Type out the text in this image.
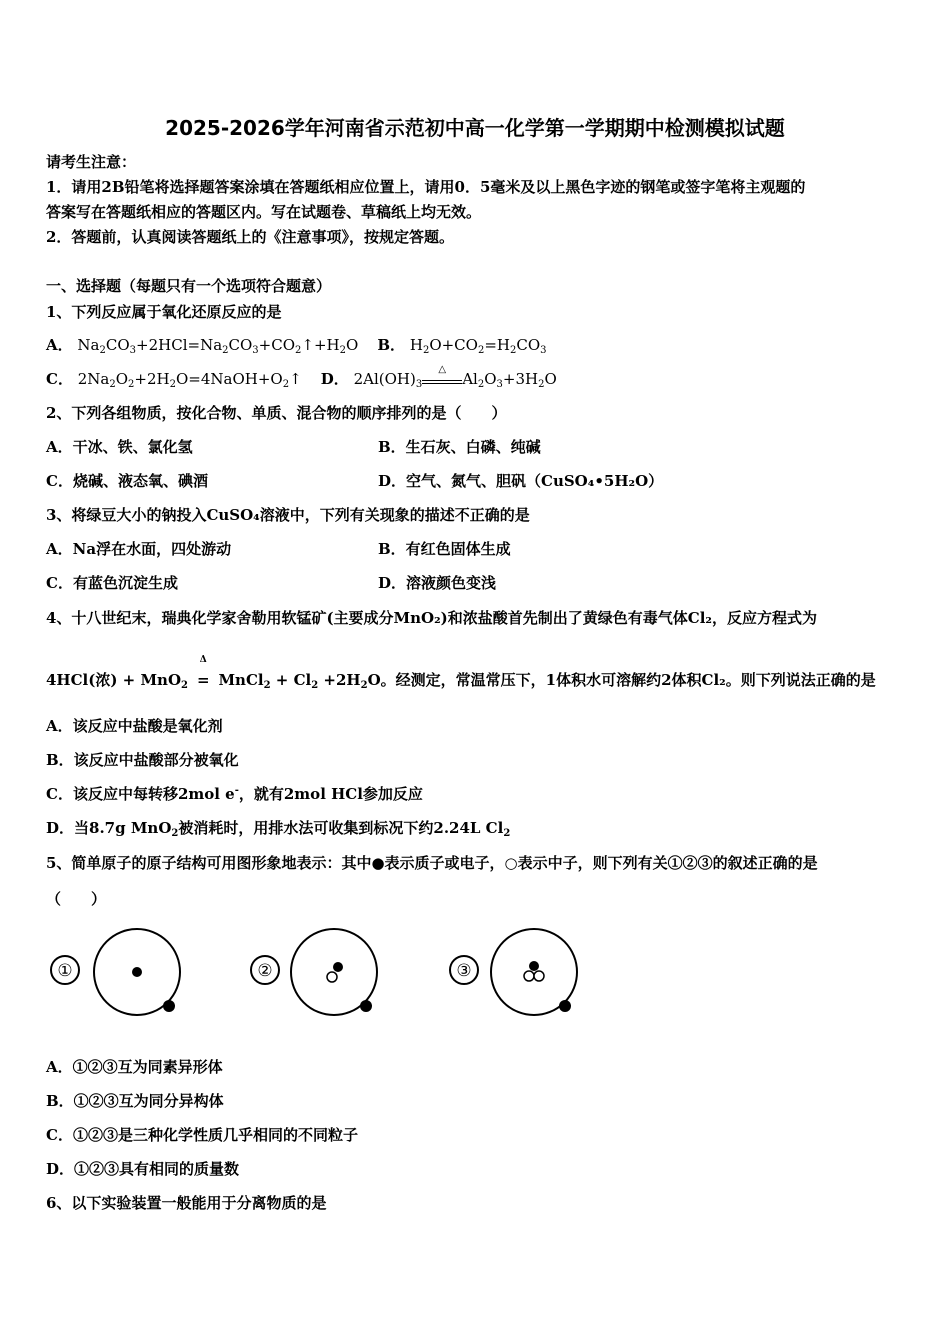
2025-2026学年河南省示范初中高一化学第一学期期中检测模拟试题
请考生注意：
1．请用2B铅笔将选择题答案涂填在答题纸相应位置上，请用0．5毫米及以上黑色字迹的钢笔或签字笔将主观题的
答案写在答题纸相应的答题区内。写在试题卷、草稿纸上均无效。
2．答题前，认真阅读答题纸上的《注意事项》，按规定答题。
一、选择题（每题只有一个选项符合题意）
1、下列反应属于氧化还原反应的是
A． $Na_2CO_3+2HCl=Na_2CO_3+CO_2↑+H_2O$ B． $H_2O+CO_2=H_2CO_3$
C． $2Na_2O_2+2H_2O=4NaOH+O_2↑$ D． $2Al(OH)_3$
△
$Al_2O_3+3H_2O$
2、下列各组物质，按化合物、单质、混合物的顺序排列的是（　　）
A．干冰、铁、氯化氢	B．生石灰、白磷、纯碱
C．烧碱、液态氧、碘酒	D．空气、氮气、胆矾（CuSO₄•5H₂O）
3、将绿豆大小的钠投入CuSO₄溶液中，下列有关现象的描述不正确的是
A．Na浮在水面，四处游动	B．有红色固体生成
C．有蓝色沉淀生成	D．溶液颜色变浅
4、十八世纪末，瑞典化学家舍勒用软锰矿(主要成分MnO₂)和浓盐酸首先制出了黄绿色有毒气体Cl₂，反应方程式为
4HCl(浓) + MnO$_2$
Δ
= MnCl$_2$ + $Cl_2 +2H_2O$。经测定，常温常压下，1体积水可溶解约2体积Cl₂。则下列说法正确的是
A．该反应中盐酸是氧化剂
B．该反应中盐酸部分被氧化
C．该反应中每转移2mol e-，就有2mol HCl参加反应
D．当8.7g MnO$_2$被消耗时，用排水法可收集到标况下约2.24L $Cl_2$
5、简单原子的原子结构可用图形象地表示：其中●表示质子或电子，○表示中子，则下列有关①②③的叙述正确的是
（　　）
①	②	③
A．①②③互为同素异形体
B．①②③互为同分异构体
C．①②③是三种化学性质几乎相同的不同粒子
D．①②③具有相同的质量数
6、以下实验装置一般能用于分离物质的是
